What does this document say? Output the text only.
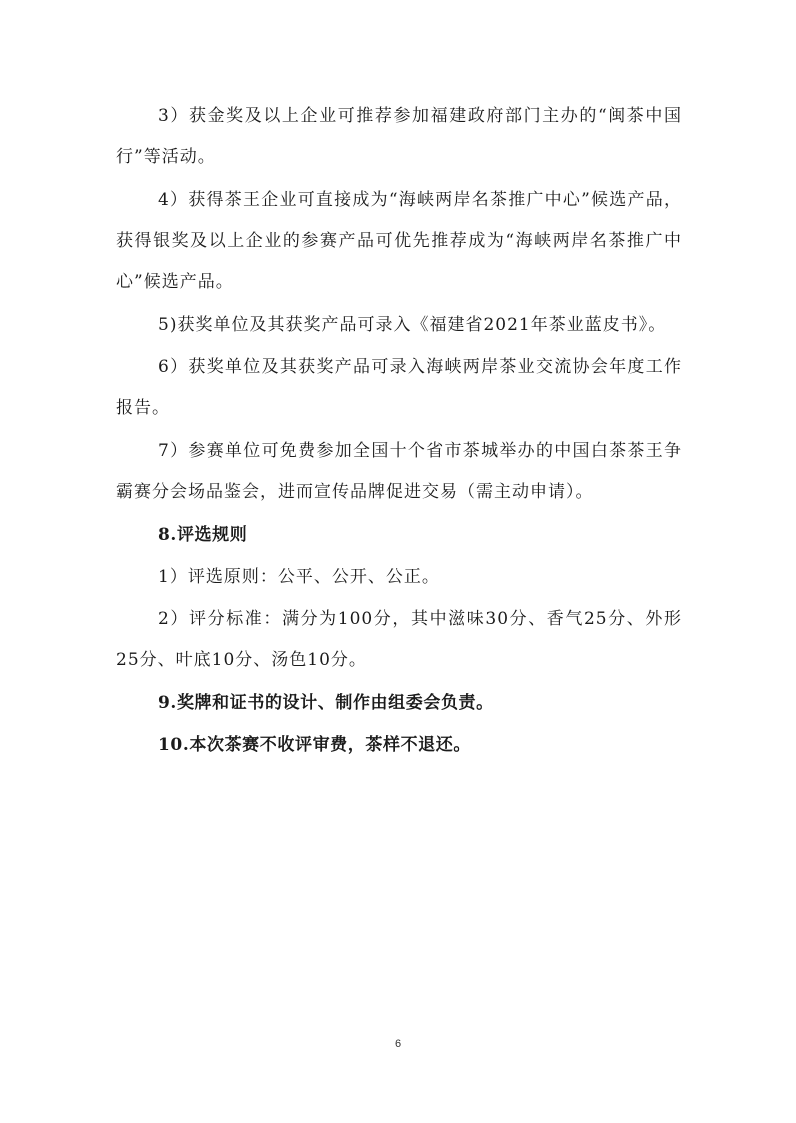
3）获金奖及以上企业可推荐参加福建政府部门主办的“闽茶中国行”等活动。

4）获得茶王企业可直接成为“海峡两岸名茶推广中心”候选产品，获得银奖及以上企业的参赛产品可优先推荐成为“海峡两岸名茶推广中心”候选产品。

5)获奖单位及其获奖产品可录入《福建省2021年茶业蓝皮书》。

6）获奖单位及其获奖产品可录入海峡两岸茶业交流协会年度工作报告。

7）参赛单位可免费参加全国十个省市茶城举办的中国白茶茶王争霸赛分会场品鉴会，进而宣传品牌促进交易（需主动申请）。

8.评选规则

1）评选原则：公平、公开、公正。

2）评分标准：满分为100分，其中滋味30分、香气25分、外形25分、叶底10分、汤色10分。

9.奖牌和证书的设计、制作由组委会负责。

10.本次茶赛不收评审费，茶样不退还。

6
